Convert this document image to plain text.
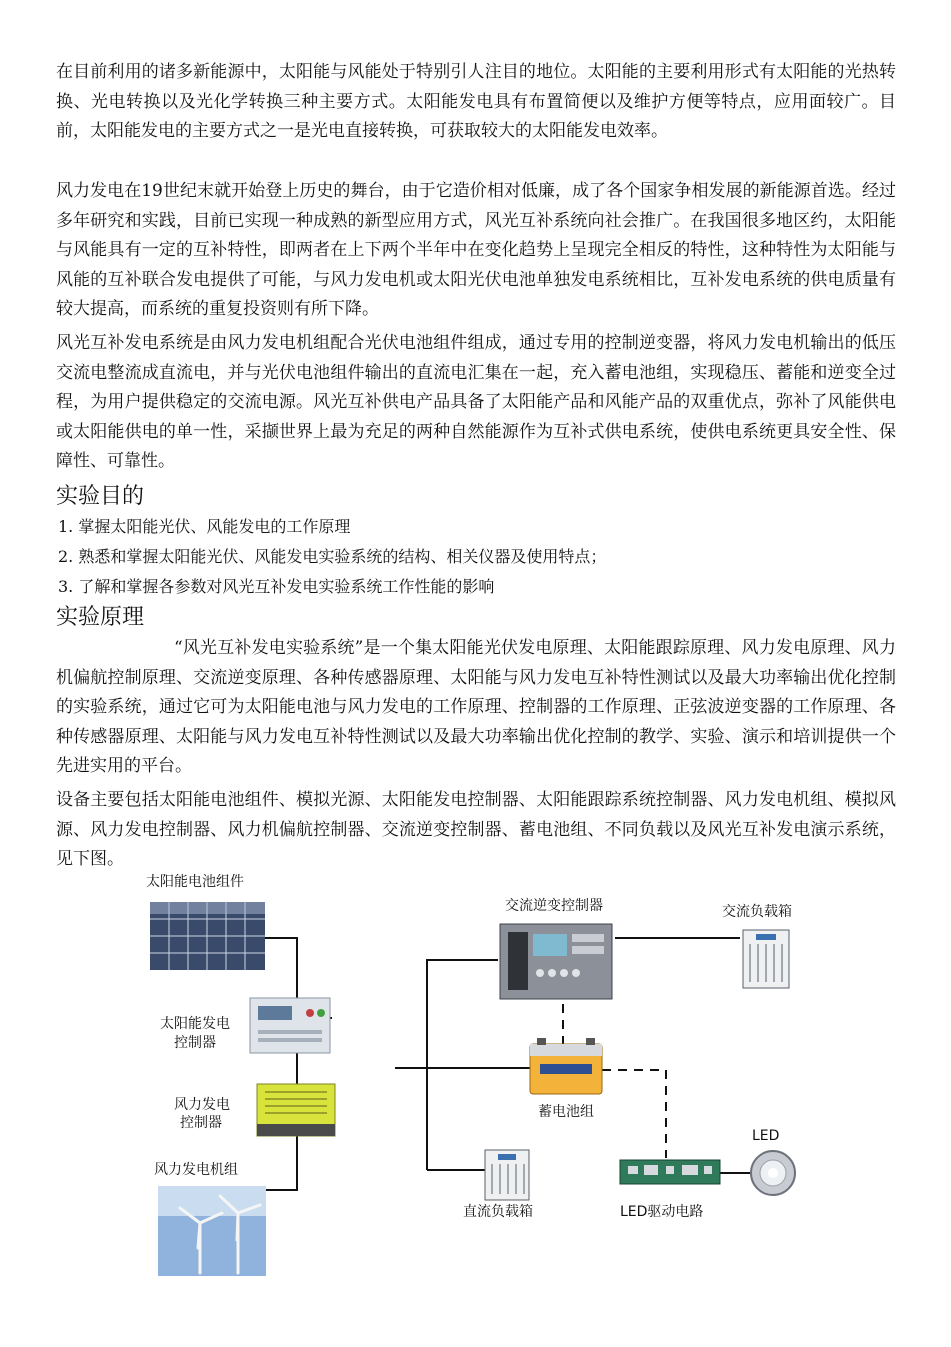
在目前利用的诸多新能源中，太阳能与风能处于特别引人注目的地位。太阳能的主要利用形式有太阳能的光热转换、光电转换以及光化学转换三种主要方式。太阳能发电具有布置简便以及维护方便等特点，应用面较广。目前，太阳能发电的主要方式之一是光电直接转换，可获取较大的太阳能发电效率。

风力发电在19世纪末就开始登上历史的舞台，由于它造价相对低廉，成了各个国家争相发展的新能源首选。经过多年研究和实践，目前已实现一种成熟的新型应用方式，风光互补系统向社会推广。在我国很多地区约，太阳能与风能具有一定的互补特性，即两者在上下两个半年中在变化趋势上呈现完全相反的特性，这种特性为太阳能与风能的互补联合发电提供了可能，与风力发电机或太阳光伏电池单独发电系统相比，互补发电系统的供电质量有较大提高，而系统的重复投资则有所下降。

风光互补发电系统是由风力发电机组配合光伏电池组件组成，通过专用的控制逆变器，将风力发电机输出的低压交流电整流成直流电，并与光伏电池组件输出的直流电汇集在一起，充入蓄电池组，实现稳压、蓄能和逆变全过程，为用户提供稳定的交流电源。风光互补供电产品具备了太阳能产品和风能产品的双重优点，弥补了风能供电或太阳能供电的单一性，采撷世界上最为充足的两种自然能源作为互补式供电系统，使供电系统更具安全性、保障性、可靠性。

实验目的
1. 掌握太阳能光伏、风能发电的工作原理
2. 熟悉和掌握太阳能光伏、风能发电实验系统的结构、相关仪器及使用特点；
3. 了解和掌握各参数对风光互补发电实验系统工作性能的影响
实验原理

“风光互补发电实验系统”是一个集太阳能光伏发电原理、太阳能跟踪原理、风力发电原理、风力机偏航控制原理、交流逆变原理、各种传感器原理、太阳能与风力发电互补特性测试以及最大功率输出优化控制的实验系统，通过它可为太阳能电池与风力发电的工作原理、控制器的工作原理、正弦波逆变器的工作原理、各种传感器原理、太阳能与风力发电互补特性测试以及最大功率输出优化控制的教学、实验、演示和培训提供一个先进实用的平台。

设备主要包括太阳能电池组件、模拟光源、太阳能发电控制器、太阳能跟踪系统控制器、风力发电机组、模拟风源、风力发电控制器、风力机偏航控制器、交流逆变控制器、蓄电池组、不同负载以及风光互补发电演示系统，见下图。

太阳能电池组件
太阳能发电
控制器
风力发电
控制器
风力发电机组
交流逆变控制器	交流负载箱
蓄电池组
直流负载箱	LED驱动电路
LED
